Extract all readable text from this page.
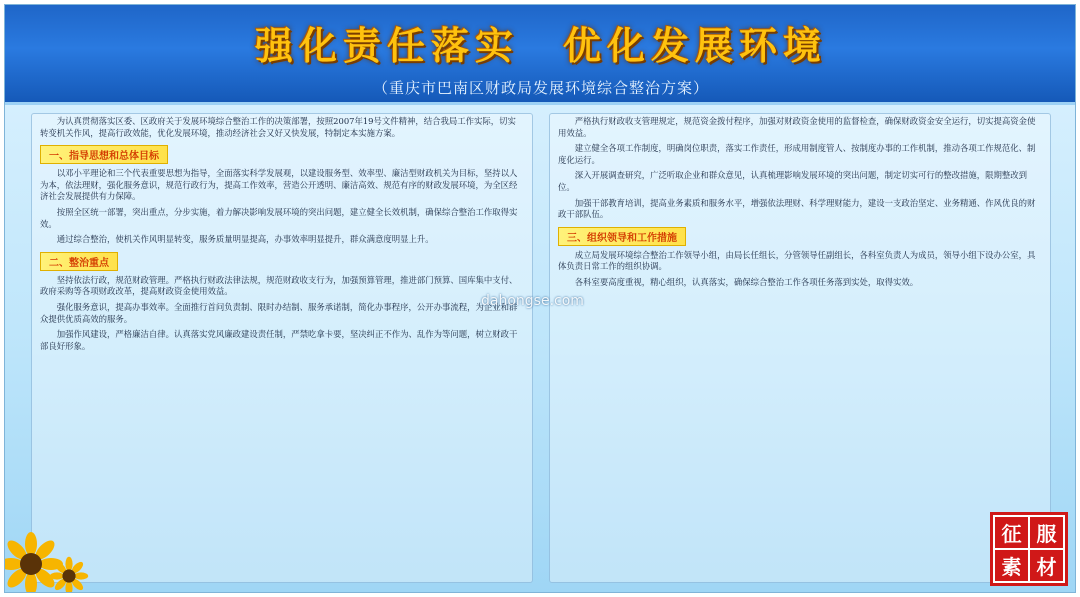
强化责任落实　优化发展环境
（重庆市巴南区财政局发展环境综合整治方案）

为认真贯彻落实区委、区政府关于发展环境综合整治工作的决策部署，按照2007年19号文件精神，结合我局工作实际，切实转变机关作风，提高行政效能，优化发展环境，推动经济社会又好又快发展，特制定本实施方案。

一、指导思想和总体目标

以邓小平理论和三个代表重要思想为指导，全面落实科学发展观，以建设服务型、效率型、廉洁型财政机关为目标，坚持以人为本，依法理财，强化服务意识，规范行政行为，提高工作效率，营造公开透明、廉洁高效、规范有序的财政发展环境，为全区经济社会发展提供有力保障。

按照全区统一部署，突出重点，分步实施，着力解决影响发展环境的突出问题，建立健全长效机制，确保综合整治工作取得实效。

通过综合整治，使机关作风明显转变，服务质量明显提高，办事效率明显提升，群众满意度明显上升。

二、整治重点

坚持依法行政，规范财政管理。严格执行财政法律法规，规范财政收支行为，加强预算管理，推进部门预算、国库集中支付、政府采购等各项财政改革，提高财政资金使用效益。

强化服务意识，提高办事效率。全面推行首问负责制、限时办结制、服务承诺制，简化办事程序，公开办事流程，为企业和群众提供优质高效的服务。

加强作风建设，严格廉洁自律。认真落实党风廉政建设责任制，严禁吃拿卡要，坚决纠正不作为、乱作为等问题，树立财政干部良好形象。

严格执行财政收支管理规定，规范资金拨付程序，加强对财政资金使用的监督检查，确保财政资金安全运行，切实提高资金使用效益。

建立健全各项工作制度，明确岗位职责，落实工作责任，形成用制度管人、按制度办事的工作机制，推动各项工作规范化、制度化运行。

深入开展调查研究，广泛听取企业和群众意见，认真梳理影响发展环境的突出问题，制定切实可行的整改措施，限期整改到位。

加强干部教育培训，提高业务素质和服务水平，增强依法理财、科学理财能力，建设一支政治坚定、业务精通、作风优良的财政干部队伍。

三、组织领导和工作措施

成立局发展环境综合整治工作领导小组，由局长任组长，分管领导任副组长，各科室负责人为成员，领导小组下设办公室，具体负责日常工作的组织协调。

各科室要高度重视，精心组织，认真落实，确保综合整治工作各项任务落到实处，取得实效。

dahongse.com
征 服
素 材
